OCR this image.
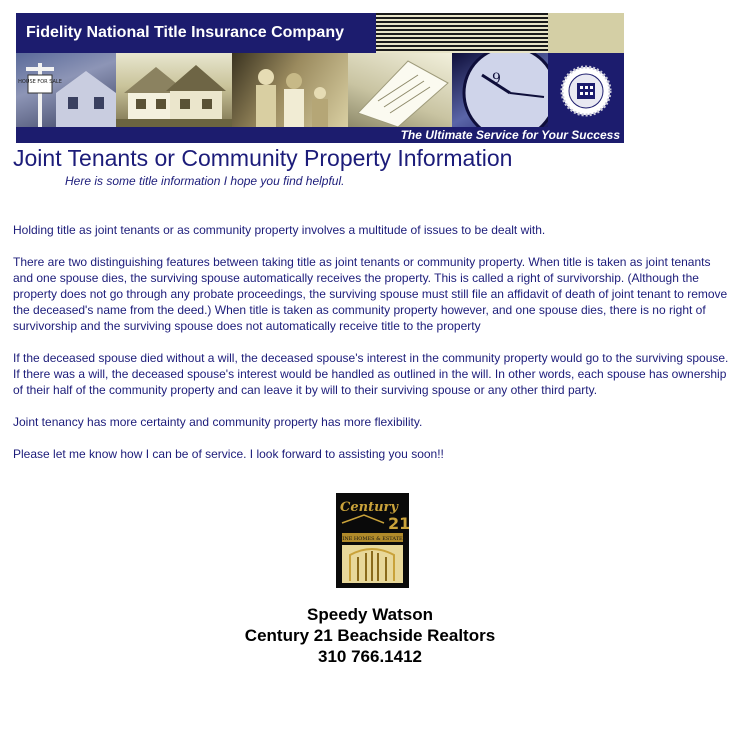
Fidelity National Title Insurance Company
HOUSE FOR SALE	9
The Ultimate Service for Your Success
Joint Tenants or Community Property Information
Here is some title information I hope you find helpful.

Holding title as joint tenants or as community property involves a multitude of issues to be dealt with.

There are two distinguishing features between taking title as joint tenants or community property. When title is taken as joint tenants and one spouse dies, the surviving spouse automatically receives the property. This is called a right of survivorship. (Although the property does not go through any probate proceedings, the surviving spouse must still file an affidavit of death of joint tenant to remove the deceased's name from the deed.) When title is taken as community property however, and one spouse dies, there is no right of survivorship and the surviving spouse does not automatically receive title to the property

If the deceased spouse died without a will, the deceased spouse's interest in the community property would go to the surviving spouse. If there was a will, the deceased spouse's interest would be handled as outlined in the will. In other words, each spouse has ownership of their half of the community property and can leave it by will to their surviving spouse or any other third party.

Joint tenancy has more certainty and community property has more flexibility.

Please let me know how I can be of service. I look forward to assisting you soon!!

Century
21
FINE HOMES & ESTATES
Speedy Watson
Century 21 Beachside Realtors
310 766.1412
